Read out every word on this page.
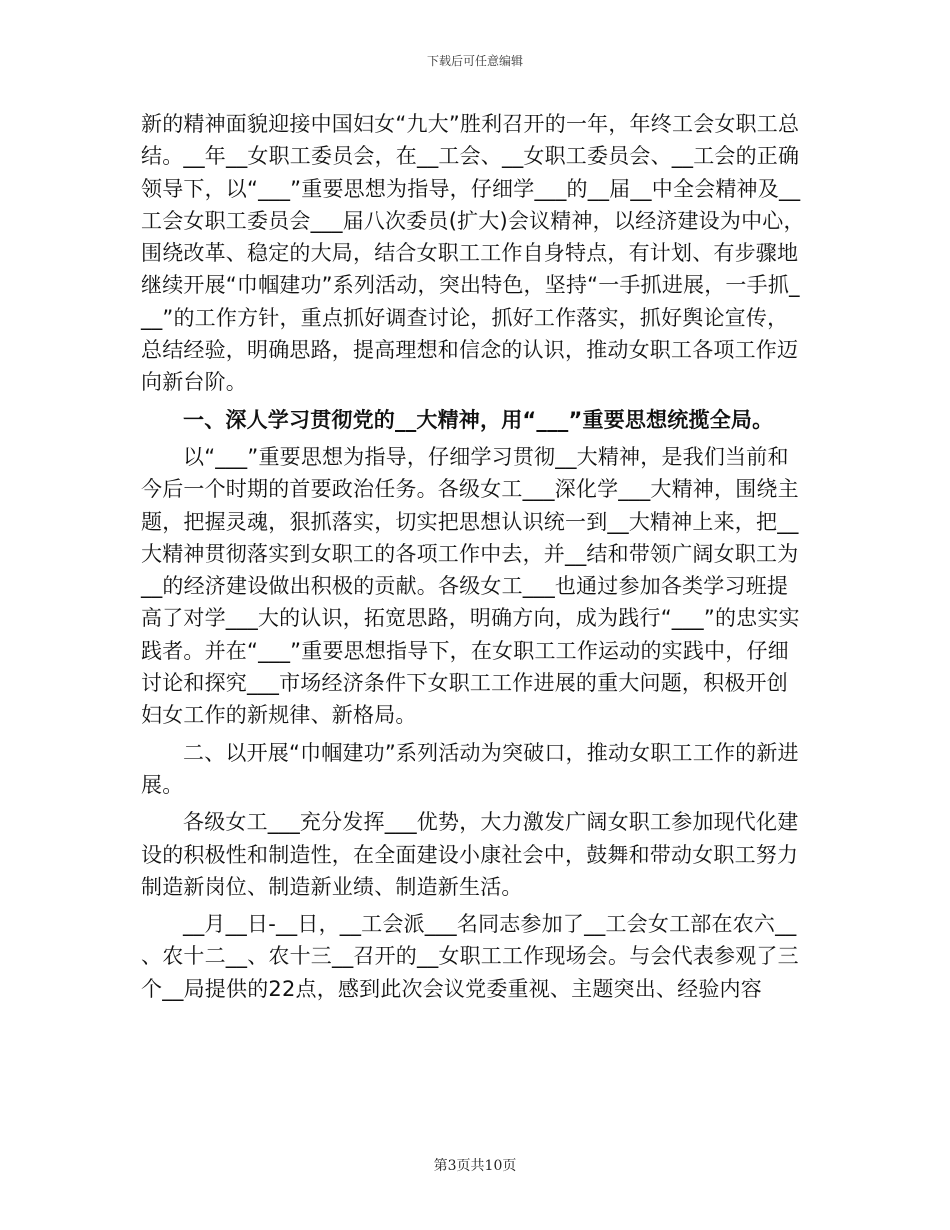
下载后可任意编辑

新的精神面貌迎接中国妇女“九大”胜利召开的一年，年终工会女职工总结。__年__女职工委员会，在__工会、__女职工委员会、__工会的正确领导下，以“___”重要思想为指导，仔细学___的__届__中全会精神及__工会女职工委员会___届八次委员(扩大)会议精神，以经济建设为中心，围绕改革、稳定的大局，结合女职工工作自身特点，有计划、有步骤地继续开展“巾帼建功”系列活动，突出特色，坚持“一手抓进展，一手抓___”的工作方针，重点抓好调查讨论，抓好工作落实，抓好舆论宣传，总结经验，明确思路，提高理想和信念的认识，推动女职工各项工作迈向新台阶。

一、深人学习贯彻党的__大精神，用“___”重要思想统揽全局。

以“___”重要思想为指导，仔细学习贯彻__大精神，是我们当前和今后一个时期的首要政治任务。各级女工___深化学___大精神，围绕主题，把握灵魂，狠抓落实，切实把思想认识统一到__大精神上来，把__大精神贯彻落实到女职工的各项工作中去，并__结和带领广阔女职工为__的经济建设做出积极的贡献。各级女工___也通过参加各类学习班提高了对学___大的认识，拓宽思路，明确方向，成为践行“___”的忠实实践者。并在“___”重要思想指导下，在女职工工作运动的实践中，仔细讨论和探究___市场经济条件下女职工工作进展的重大问题，积极开创妇女工作的新规律、新格局。

二、以开展“巾帼建功”系列活动为突破口，推动女职工工作的新进展。

各级女工___充分发挥___优势，大力激发广阔女职工参加现代化建设的积极性和制造性，在全面建设小康社会中，鼓舞和带动女职工努力制造新岗位、制造新业绩、制造新生活。

__月__日-__日，__工会派___名同志参加了__工会女工部在农六__、农十二__、农十三__召开的__女职工工作现场会。与会代表参观了三个__局提供的22点，感到此次会议党委重视、主题突出、经验内容

第3页共10页
